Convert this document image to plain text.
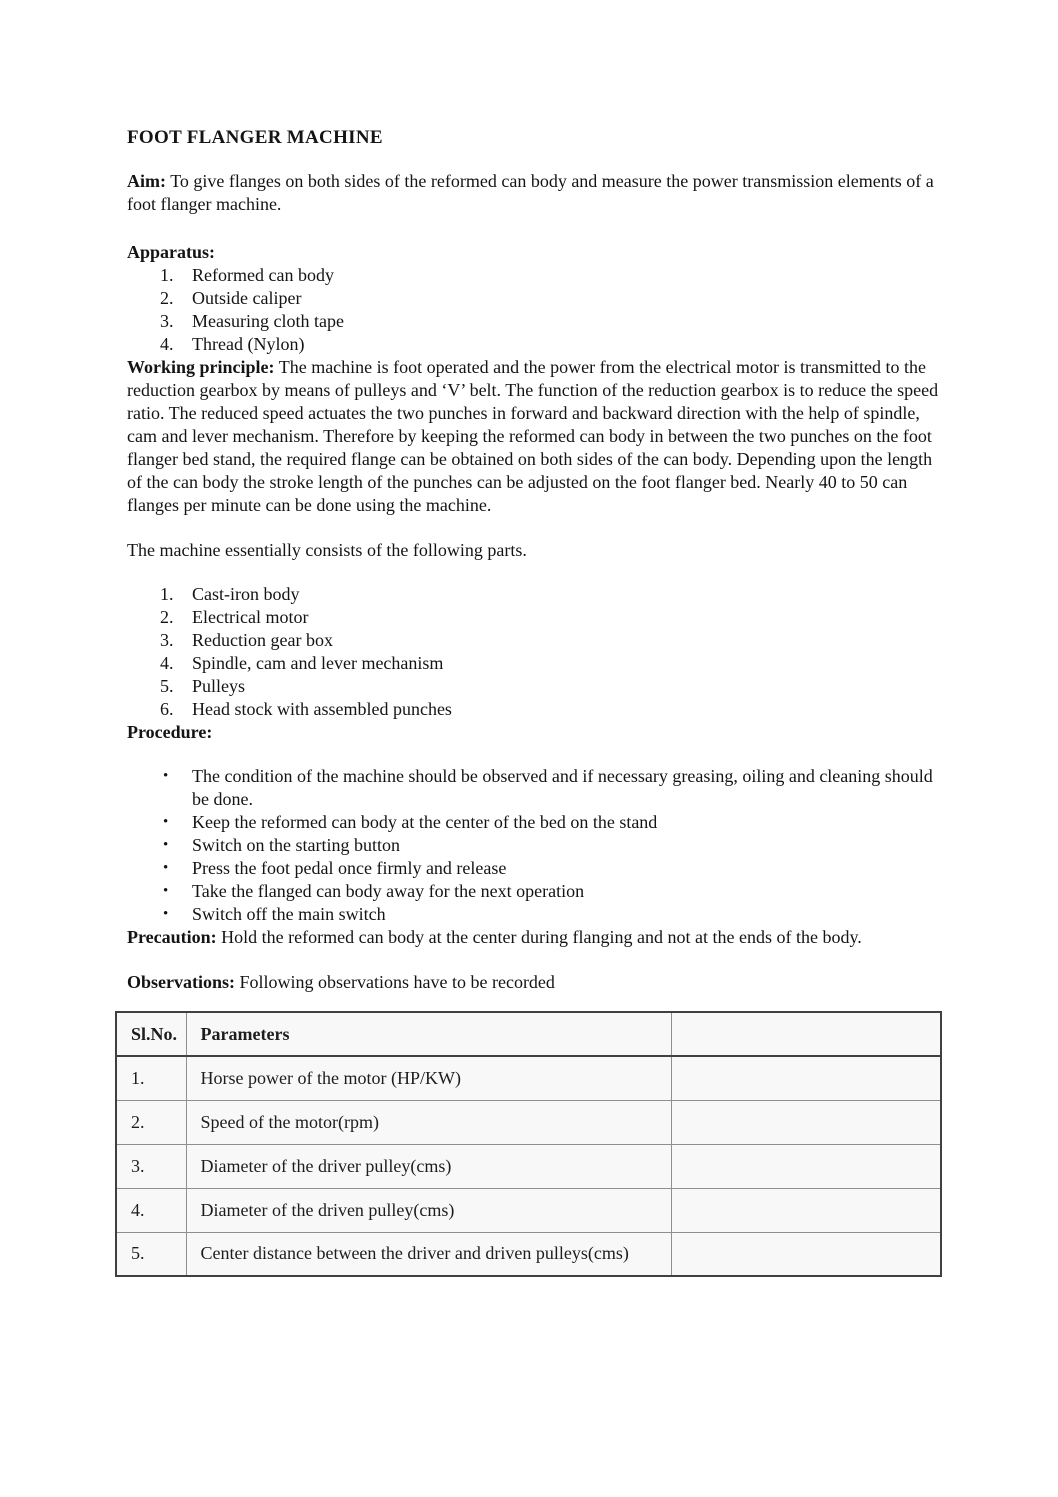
FOOT FLANGER MACHINE

Aim: To give flanges on both sides of the reformed can body and measure the power transmission elements of a foot flanger machine.

Apparatus:

1.	Reformed can body
2.	Outside caliper
3.	Measuring cloth tape
4.	Thread (Nylon)

Working principle: The machine is foot operated and the power from the electrical motor is transmitted to the reduction gearbox by means of pulleys and ‘V’ belt. The function of the reduction gearbox is to reduce the speed ratio. The reduced speed actuates the two punches in forward and backward direction with the help of spindle, cam and lever mechanism. Therefore by keeping the reformed can body in between the two punches on the foot flanger bed stand, the required flange can be obtained on both sides of the can body. Depending upon the length of the can body the stroke length of the punches can be adjusted on the foot flanger bed. Nearly 40 to 50 can flanges per minute can be done using the machine.

The machine essentially consists of the following parts.

1.	Cast-iron body
2.	Electrical motor
3.	Reduction gear box
4.	Spindle, cam and lever mechanism
5.	Pulleys
6.	Head stock with assembled punches

Procedure:

•	The condition of the machine should be observed and if necessary greasing, oiling and cleaning should be done.
•	Keep the reformed can body at the center of the bed on the stand
•	Switch on the starting button
•	Press the foot pedal once firmly and release
•	Take the flanged can body away for the next operation
•	Switch off the main switch

Precaution: Hold the reformed can body at the center during flanging and not at the ends of the body.

Observations: Following observations have to be recorded

Sl.No.	Parameters	
1.	Horse power of the motor (HP/KW)	
2.	Speed of the motor(rpm)	
3.	Diameter of the driver pulley(cms)	
4.	Diameter of the driven pulley(cms)	
5.	Center distance between the driver and driven pulleys(cms)	
